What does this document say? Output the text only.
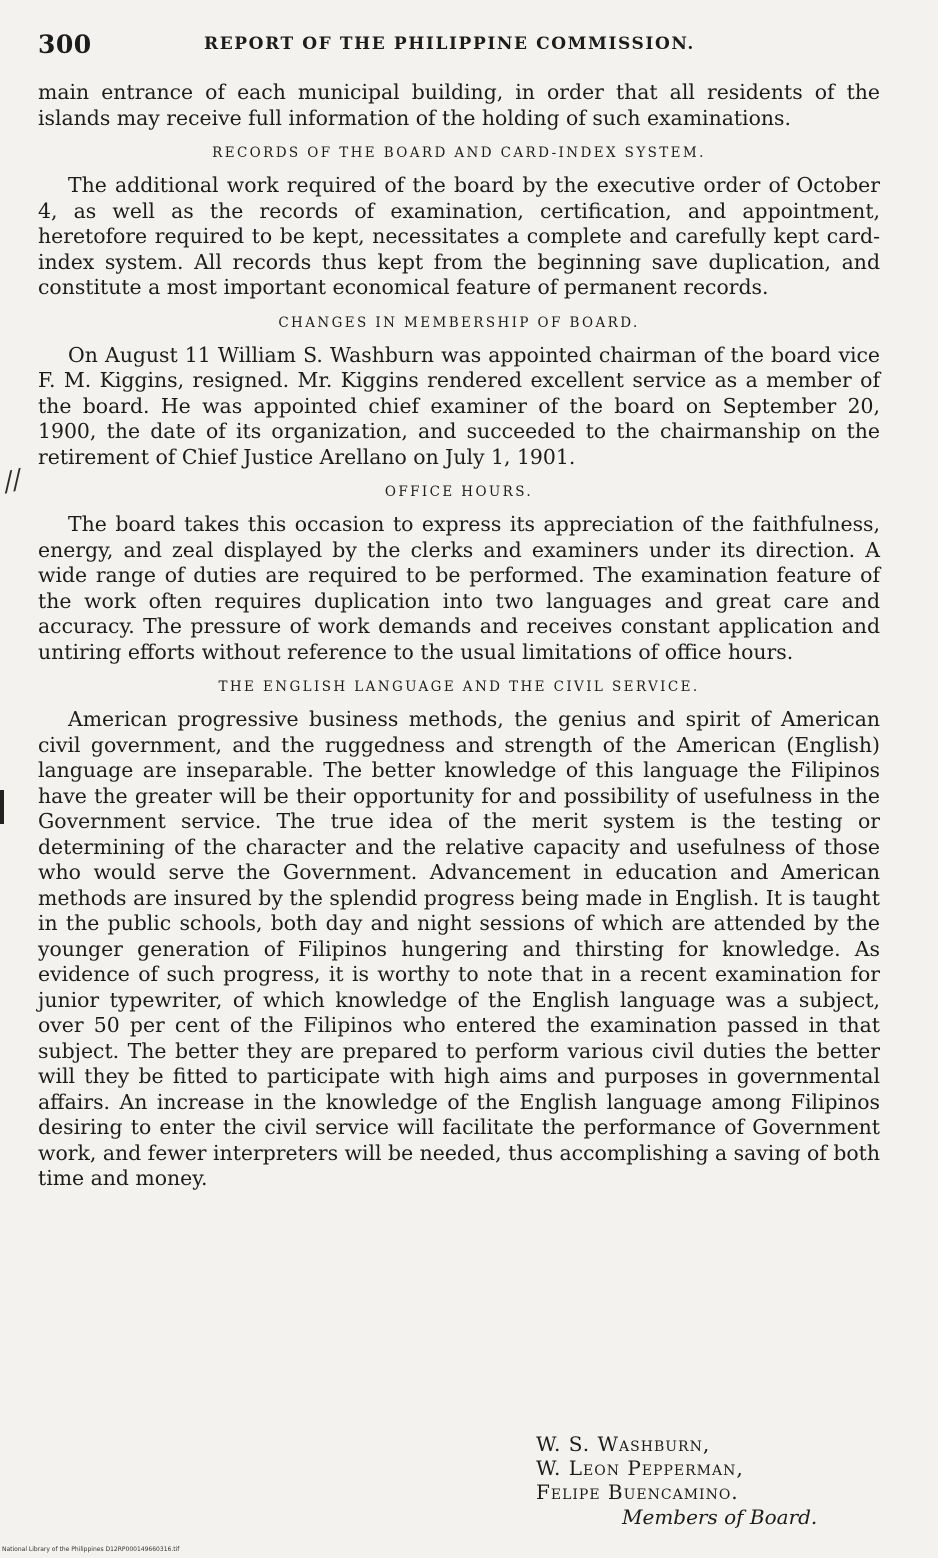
300	REPORT OF THE PHILIPPINE COMMISSION.
//

main entrance of each municipal building, in order that all residents of the islands may receive full information of the holding of such examinations.

RECORDS OF THE BOARD AND CARD-INDEX SYSTEM.

The additional work required of the board by the executive order of October 4, as well as the records of examination, certification, and appointment, heretofore required to be kept, necessitates a complete and carefully kept card-index system. All records thus kept from the beginning save duplication, and constitute a most important economical feature of permanent records.

CHANGES IN MEMBERSHIP OF BOARD.

On August 11 William S. Washburn was appointed chairman of the board vice F. M. Kiggins, resigned. Mr. Kiggins rendered excellent service as a member of the board. He was appointed chief examiner of the board on September 20, 1900, the date of its organization, and succeeded to the chairmanship on the retirement of Chief Justice Arellano on July 1, 1901.

OFFICE HOURS.

The board takes this occasion to express its appreciation of the faithfulness, energy, and zeal displayed by the clerks and examiners under its direction. A wide range of duties are required to be performed. The examination feature of the work often requires duplication into two languages and great care and accuracy. The pressure of work demands and receives constant application and untiring efforts without reference to the usual limitations of office hours.

THE ENGLISH LANGUAGE AND THE CIVIL SERVICE.

American progressive business methods, the genius and spirit of American civil government, and the ruggedness and strength of the American (English) language are inseparable. The better knowledge of this language the Filipinos have the greater will be their opportunity for and possibility of usefulness in the Government service. The true idea of the merit system is the testing or determining of the character and the relative capacity and usefulness of those who would serve the Government. Advancement in education and American methods are insured by the splendid progress being made in English. It is taught in the public schools, both day and night sessions of which are attended by the younger generation of Filipinos hungering and thirsting for knowledge. As evidence of such progress, it is worthy to note that in a recent examination for junior typewriter, of which knowledge of the English language was a subject, over 50 per cent of the Filipinos who entered the examination passed in that subject. The better they are prepared to perform various civil duties the better will they be fitted to participate with high aims and purposes in governmental affairs. An increase in the knowledge of the English language among Filipinos desiring to enter the civil service will facilitate the performance of Government work, and fewer interpreters will be needed, thus accomplishing a saving of both time and money.

W. S. Washburn,
W. Leon Pepperman,
Felipe Buencamino.
Members of Board.
National Library of the Philippines D12RP000149660316.tif
